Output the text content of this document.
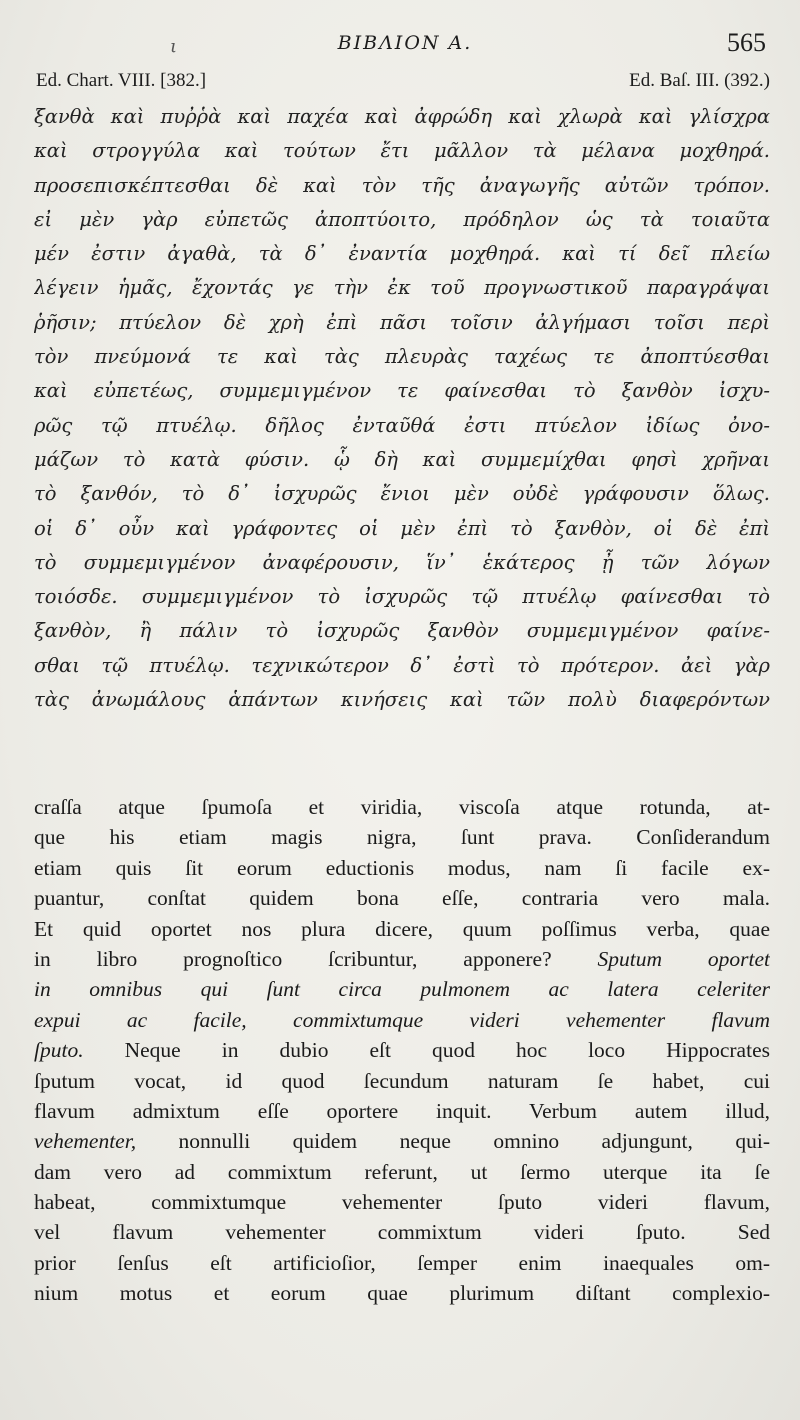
ι	ΒΙΒΛΙΟΝ Α.	565
Ed. Chart. VIII. [382.]	Ed. Baſ. III. (392.)
ξανθὰ καὶ πυῤῥὰ καὶ παχέα καὶ ἀφρώδη καὶ χλωρὰ καὶ γλίσχρα
καὶ στρογγύλα καὶ τούτων ἔτι μᾶλλον τὰ μέλανα μοχθηρά.
προσεπισκέπτεσθαι δὲ καὶ τὸν τῆς ἀναγωγῆς αὐτῶν τρόπον.
εἰ μὲν γὰρ εὐπετῶς ἀποπτύοιτο, πρόδηλον ὡς τὰ τοιαῦτα
μέν ἐστιν ἀγαθὰ, τὰ δ᾽ ἐναντία μοχθηρά. καὶ τί δεῖ πλείω
λέγειν ἡμᾶς, ἔχοντάς γε τὴν ἐκ τοῦ προγνωστικοῦ παραγράψαι
ῥῆσιν; πτύελον δὲ χρὴ ἐπὶ πᾶσι τοῖσιν ἀλγήμασι τοῖσι περὶ
τὸν πνεύμονά τε καὶ τὰς πλευρὰς ταχέως τε ἀποπτύεσθαι
καὶ εὐπετέως, συμμεμιγμένον τε φαίνεσθαι τὸ ξανθὸν ἰσχυ-
ρῶς τῷ πτυέλῳ. δῆλος ἐνταῦθά ἐστι πτύελον ἰδίως ὀνο-
μάζων τὸ κατὰ φύσιν. ᾧ δὴ καὶ συμμεμίχθαι φησὶ χρῆναι
τὸ ξανθόν, τὸ δ᾽ ἰσχυρῶς ἔνιοι μὲν οὐδὲ γράφουσιν ὅλως.
οἱ δ᾽ οὖν καὶ γράφοντες οἱ μὲν ἐπὶ τὸ ξανθὸν, οἱ δὲ ἐπὶ
τὸ συμμεμιγμένον ἀναφέρουσιν, ἵν᾽ ἑκάτερος ᾖ τῶν λόγων
τοιόσδε. συμμεμιγμένον τὸ ἰσχυρῶς τῷ πτυέλῳ φαίνεσθαι τὸ
ξανθὸν, ἢ πάλιν τὸ ἰσχυρῶς ξανθὸν συμμεμιγμένον φαίνε-
σθαι τῷ πτυέλῳ. τεχνικώτερον δ᾽ ἐστὶ τὸ πρότερον. ἀεὶ γὰρ
τὰς ἀνωμάλους ἁπάντων κινήσεις καὶ τῶν πολὺ διαφερόντων
craſſa atque ſpumoſa et viridia, viscoſa atque rotunda, at-
que his etiam magis nigra, ſunt prava. Conſiderandum
etiam quis ſit eorum eductionis modus, nam ſi facile ex-
puantur, conſtat quidem bona eſſe, contraria vero mala.
Et quid oportet nos plura dicere, quum poſſimus verba, quae
in libro prognoſtico ſcribuntur, apponere? Sputum oportet
in omnibus qui ſunt circa pulmonem ac latera celeriter
expui ac facile, commixtumque videri vehementer flavum
ſputo. Neque in dubio eſt quod hoc loco Hippocrates
ſputum vocat, id quod ſecundum naturam ſe habet, cui
flavum admixtum eſſe oportere inquit. Verbum autem illud,
vehementer, nonnulli quidem neque omnino adjungunt, qui-
dam vero ad commixtum referunt, ut ſermo uterque ita ſe
habeat, commixtumque vehementer ſputo videri flavum,
vel flavum vehementer commixtum videri ſputo. Sed
prior ſenſus eſt artificioſior, ſemper enim inaequales om-
nium motus et eorum quae plurimum diſtant complexio-
